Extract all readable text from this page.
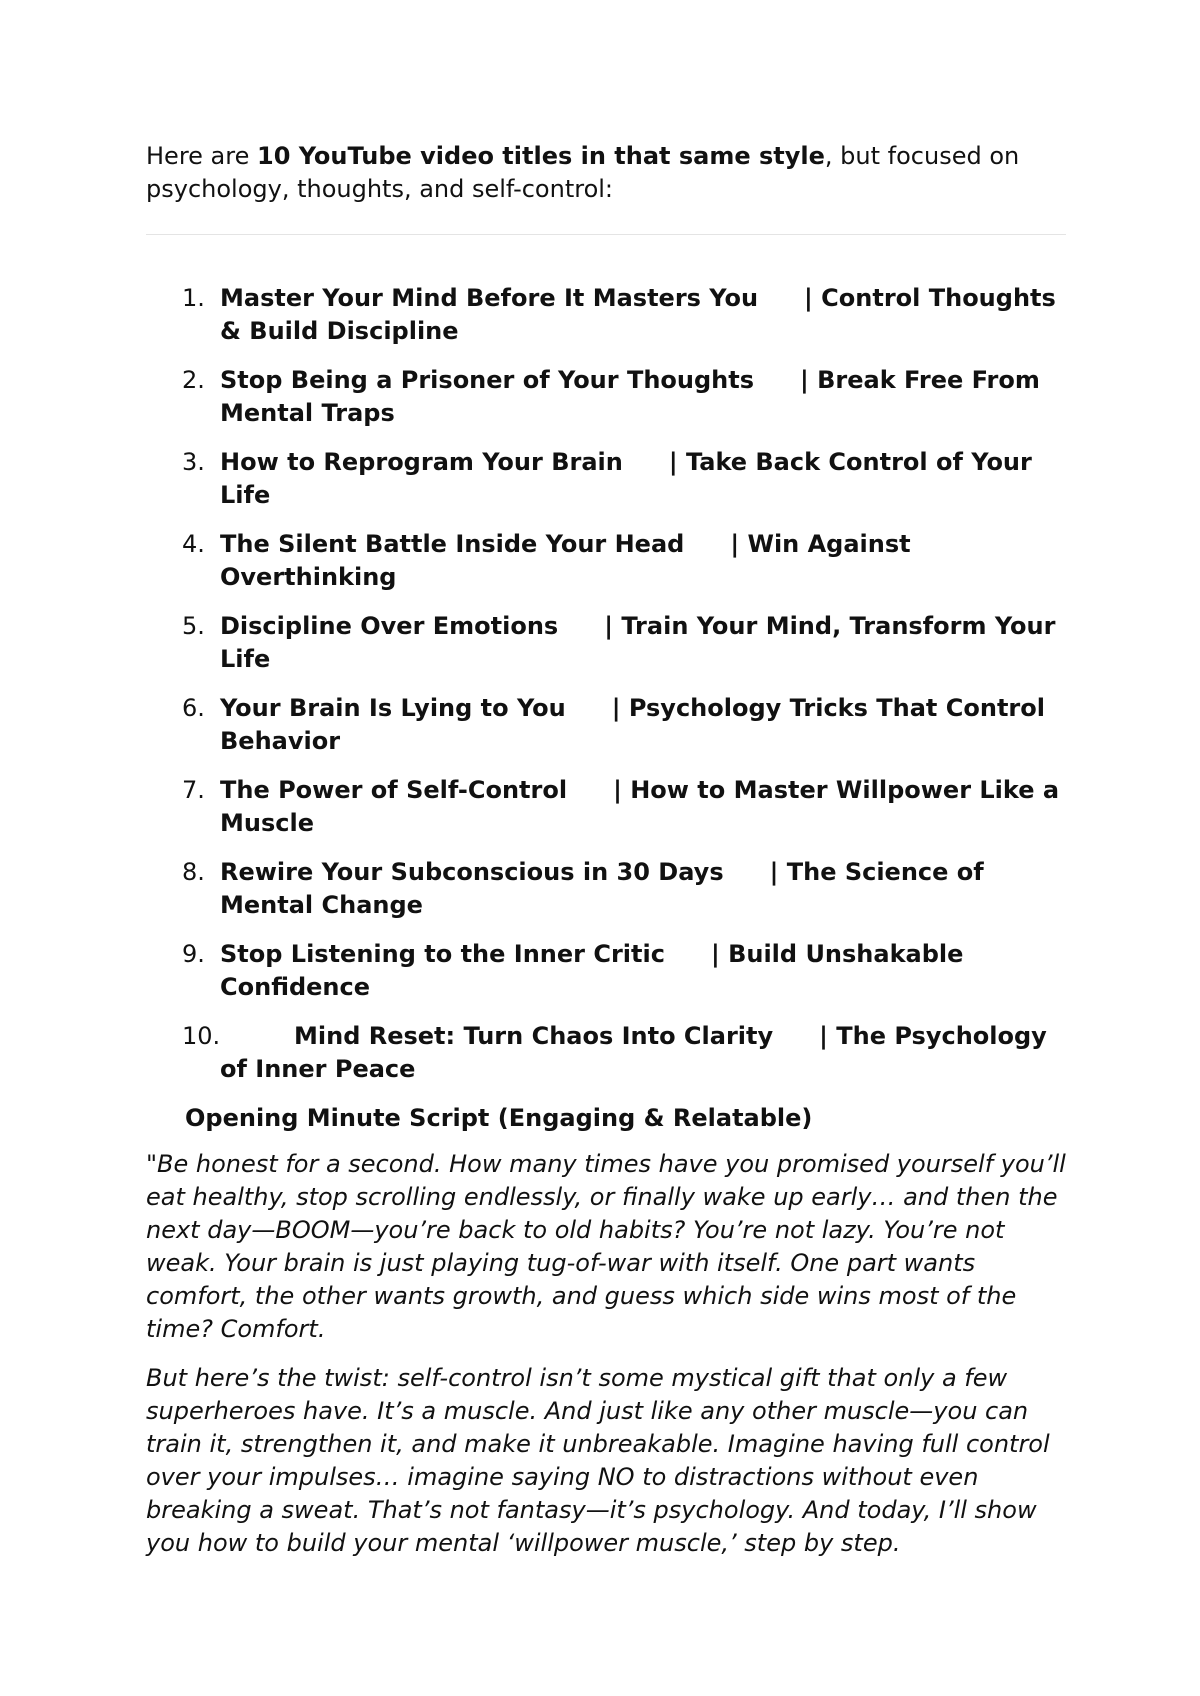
Here are 10 YouTube video titles in that same style, but focused on psychology, thoughts, and self-control:

1. Master Your Mind Before It Masters You | Control Thoughts & Build Discipline
2. Stop Being a Prisoner of Your Thoughts | Break Free From Mental Traps
3. How to Reprogram Your Brain | Take Back Control of Your Life
4. The Silent Battle Inside Your Head | Win Against Overthinking
5. Discipline Over Emotions | Train Your Mind, Transform Your Life
6. Your Brain Is Lying to You | Psychology Tricks That Control Behavior
7. The Power of Self-Control | How to Master Willpower Like a Muscle
8. Rewire Your Subconscious in 30 Days | The Science of Mental Change
9. Stop Listening to the Inner Critic | Build Unshakable Confidence
10.	Mind Reset: Turn Chaos Into Clarity | The Psychology of Inner Peace

Opening Minute Script (Engaging & Relatable)

"Be honest for a second. How many times have you promised yourself you’ll eat healthy, stop scrolling endlessly, or finally wake up early… and then the next day—BOOM—you’re back to old habits? You’re not lazy. You’re not weak. Your brain is just playing tug-of-war with itself. One part wants comfort, the other wants growth, and guess which side wins most of the time? Comfort.

But here’s the twist: self-control isn’t some mystical gift that only a few superheroes have. It’s a muscle. And just like any other muscle—you can train it, strengthen it, and make it unbreakable. Imagine having full control over your impulses… imagine saying NO to distractions without even breaking a sweat. That’s not fantasy—it’s psychology. And today, I’ll show you how to build your mental ‘willpower muscle,’ step by step.
